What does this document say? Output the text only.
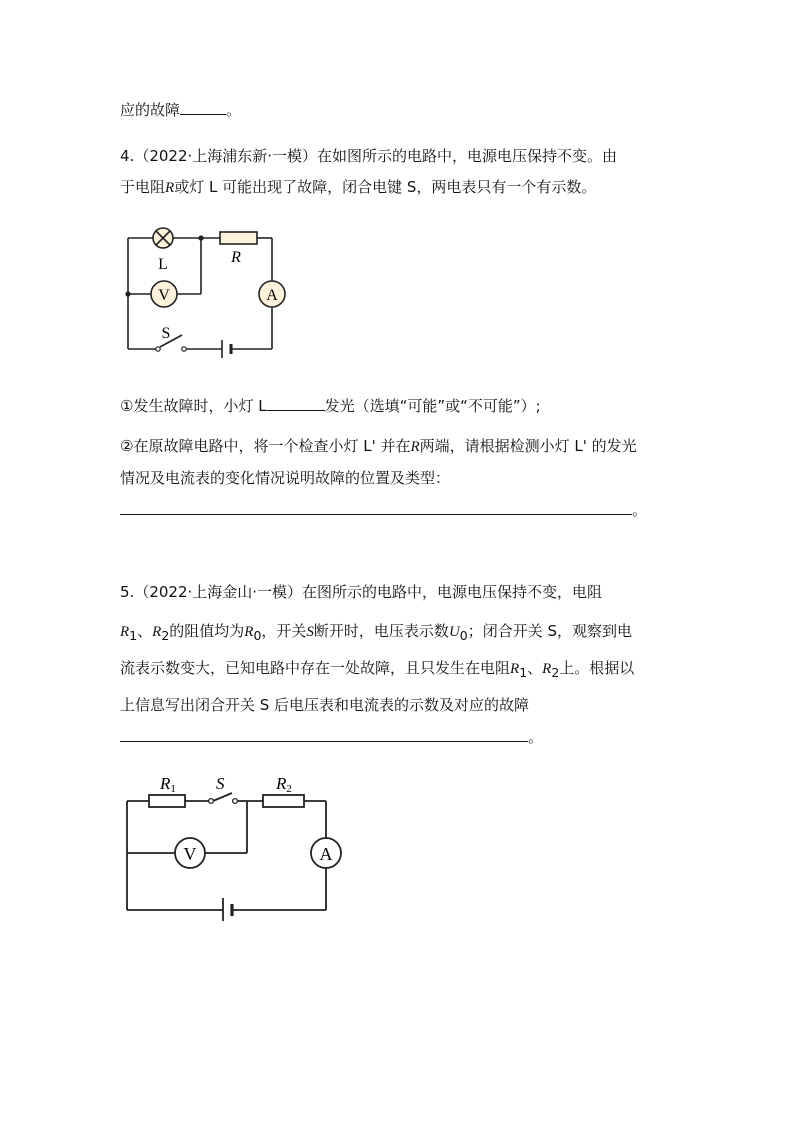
应的故障	。
4.（2022·上海浦东新·一模）在如图所示的电路中，电源电压保持不变。由
于电阻R或灯 L 可能出现了故障，闭合电键 S，两电表只有一个有示数。
V	A
L	R
S
①发生故障时，小灯 L	发光（选填“可能”或“不可能”）;
②在原故障电路中，将一个检查小灯 L' 并在R两端，请根据检测小灯 L' 的发光
情况及电流表的变化情况说明故障的位置及类型：
。
5.（2022·上海金山·一模）在图所示的电路中，电源电压保持不变，电阻
$R_1$、$R_2$的阻值均为$R_0$，开关S断开时，电压表示数$U_0$；闭合开关 S，观察到电
流表示数变大，已知电路中存在一处故障，且只发生在电阻$R_1$、$R_2$上。根据以
上信息写出闭合开关 S 后电压表和电流表的示数及对应的故障
。
V	A
R1 S	R2
